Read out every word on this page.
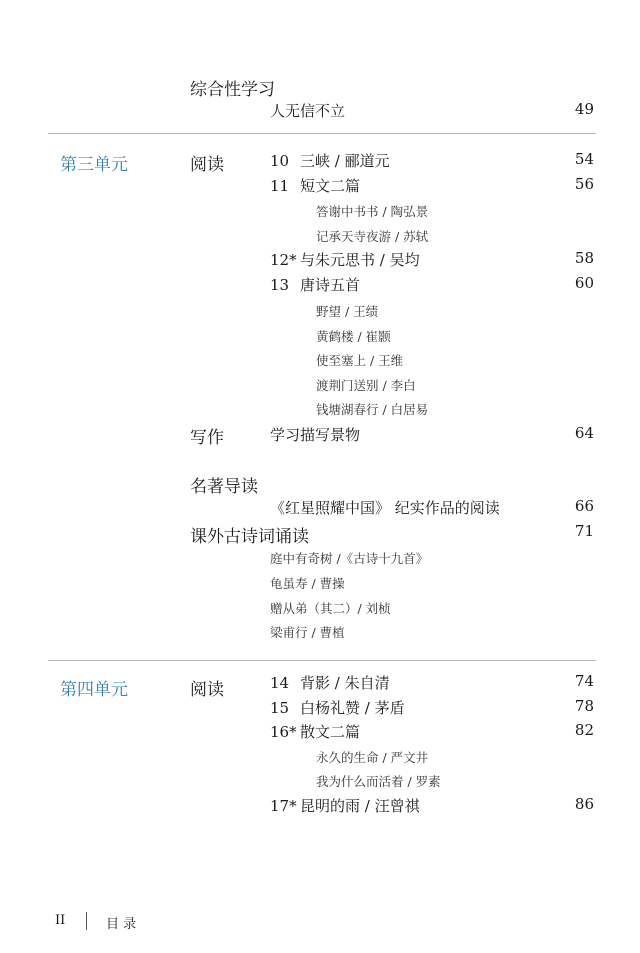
综合性学习
人无信不立	49
第三单元	阅读	10 三峡 / 郦道元	54
11 短文二篇	56
答谢中书书 / 陶弘景
记承天寺夜游 / 苏轼
12* 与朱元思书 / 吴均	58
13 唐诗五首	60
野望 / 王绩
黄鹤楼 / 崔颢
使至塞上 / 王维
渡荆门送别 / 李白
钱塘湖春行 / 白居易
写作	学习描写景物	64
名著导读
《红星照耀中国》 纪实作品的阅读	66
课外古诗词诵读	71
庭中有奇树 /《古诗十九首》
龟虽寿 / 曹操
赠从弟（其二）/ 刘桢
梁甫行 / 曹植
第四单元	阅读	14 背影 / 朱自清	74
15 白杨礼赞 / 茅盾	78
16* 散文二篇	82
永久的生命 / 严文井
我为什么而活着 / 罗素
17* 昆明的雨 / 汪曾祺	86
II	目 录
